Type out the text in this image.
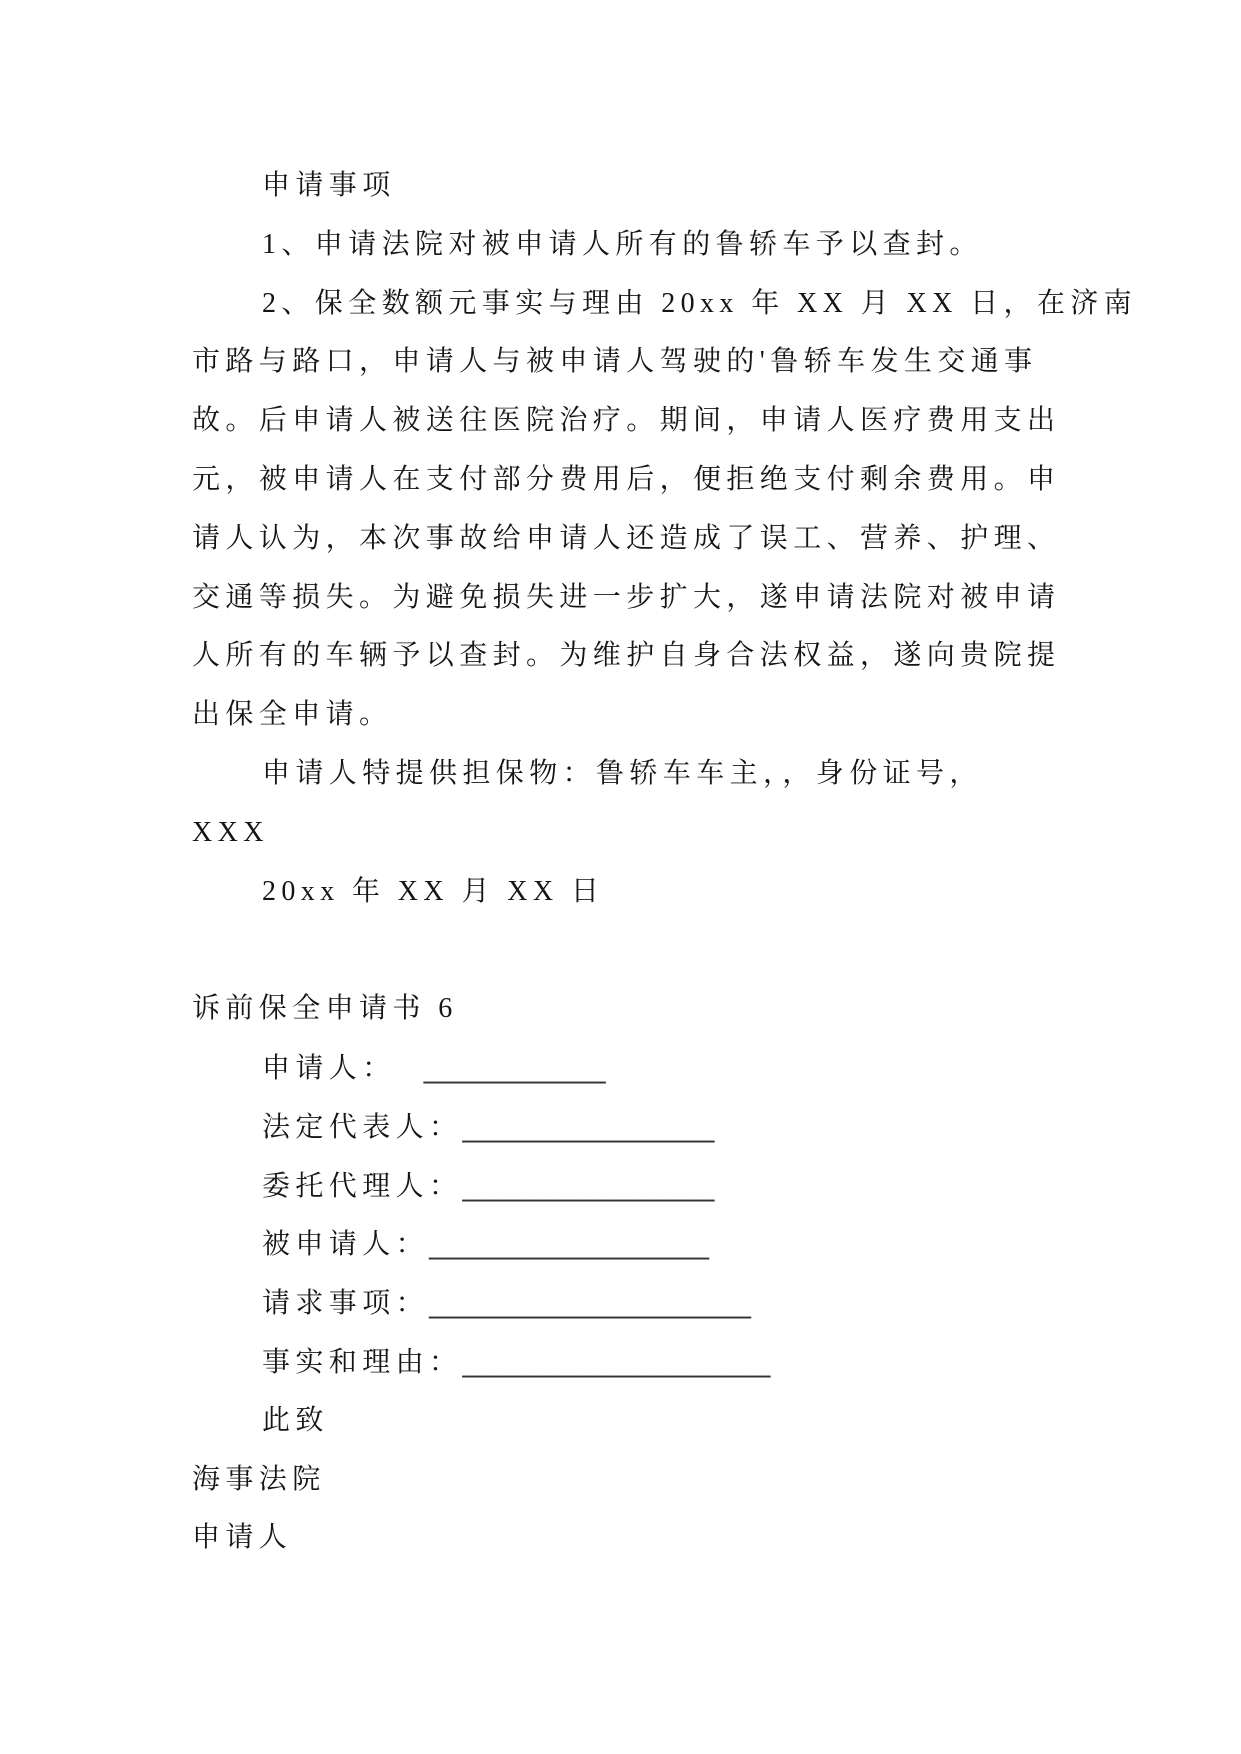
申请事项
1、申请法院对被申请人所有的鲁轿车予以查封。
2、保全数额元事实与理由 20xx 年 XX 月 XX 日，在济南
市路与路口，申请人与被申请人驾驶的'鲁轿车发生交通事
故。后申请人被送往医院治疗。期间，申请人医疗费用支出
元，被申请人在支付部分费用后，便拒绝支付剩余费用。申
请人认为，本次事故给申请人还造成了误工、营养、护理、
交通等损失。为避免损失进一步扩大，遂申请法院对被申请
人所有的车辆予以查封。为维护自身合法权益，遂向贵院提
出保全申请。
申请人特提供担保物：鲁轿车车主，，身份证号，
XXX
20xx 年 XX 月 XX 日
诉前保全申请书 6
申请人： _____________
法定代表人：__________________
委托代理人：__________________
被申请人：____________________
请求事项：_______________________
事实和理由：______________________
此致
海事法院
申请人
